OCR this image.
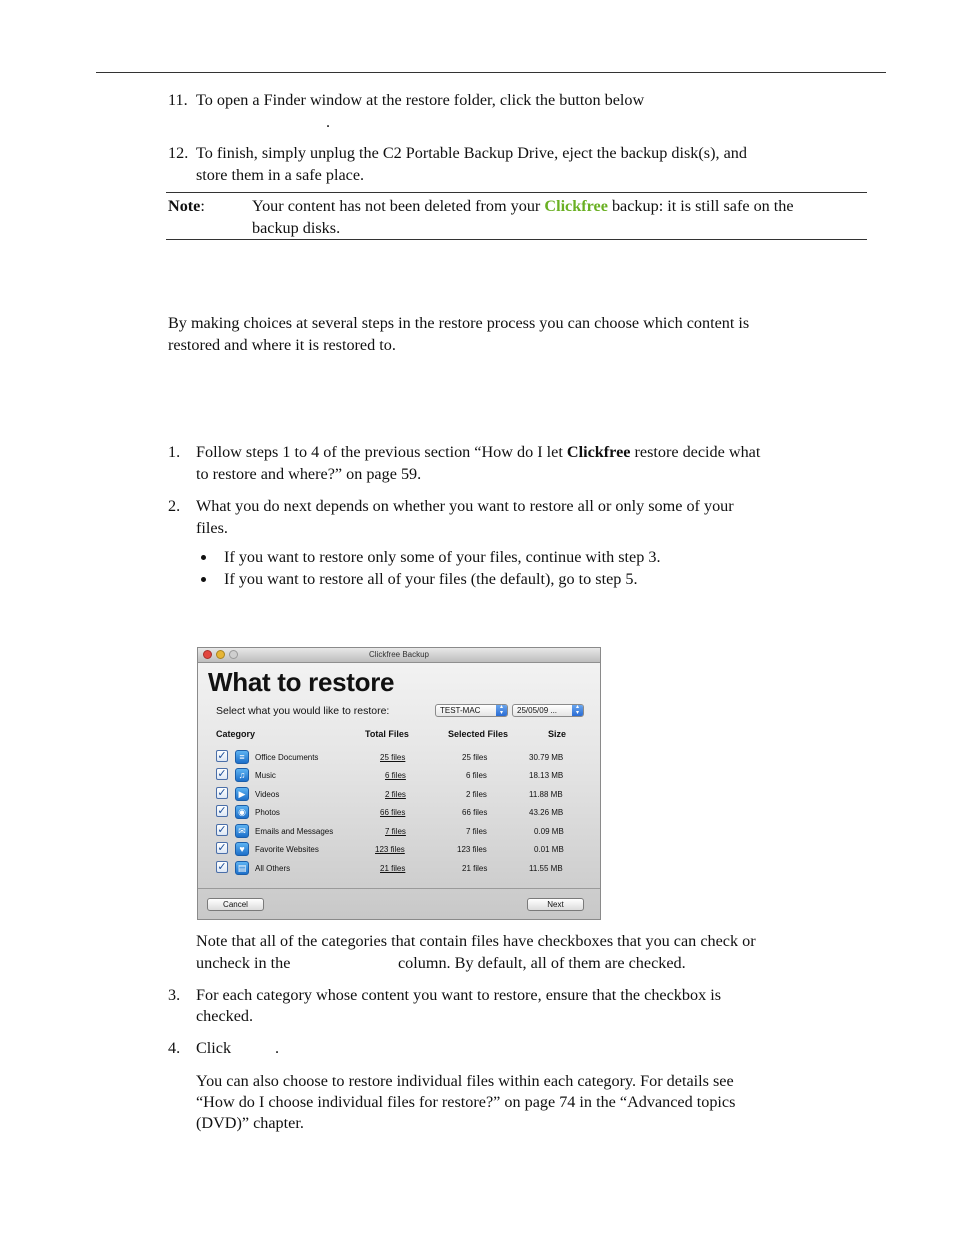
11. To open a Finder window at the restore folder, click the button below
.
12. To finish, simply unplug the C2 Portable Backup Drive, eject the backup disk(s), and
store them in a safe place.
Note:	Your content has not been deleted from your Clickfree backup: it is still safe on the
backup disks.
By making choices at several steps in the restore process you can choose which content is
restored and where it is restored to.
1. Follow steps 1 to 4 of the previous section “How do I let Clickfree restore decide what
to restore and where?” on page 59.
2. What you do next depends on whether you want to restore all or only some of your
files.
If you want to restore only some of your files, continue with step 3.
If you want to restore all of your files (the default), go to step 5.
Clickfree Backup
What to restore
Select what you would like to restore:	TEST-MAC	▴
▾	25/05/09 ...	▴
▾
Category	Total Files	Selected Files	Size
✓	≡	Office Documents	25 files	25 files	30.79 MB
✓	♫	Music	6 files	6 files	18.13 MB
✓	▶	Videos	2 files	2 files	11.88 MB
✓	◉	Photos	66 files	66 files	43.26 MB
✓	✉	Emails and Messages	7 files	7 files	0.09 MB
✓	♥	Favorite Websites	123 files	123 files	0.01 MB
✓	▤	All Others	21 files	21 files	11.55 MB
Cancel	Next
Note that all of the categories that contain files have checkboxes that you can check or
uncheck in the	column. By default, all of them are checked.
3. For each category whose content you want to restore, ensure that the checkbox is
checked.
4. Click	.
You can also choose to restore individual files within each category. For details see
“How do I choose individual files for restore?” on page 74 in the “Advanced topics
(DVD)” chapter.
